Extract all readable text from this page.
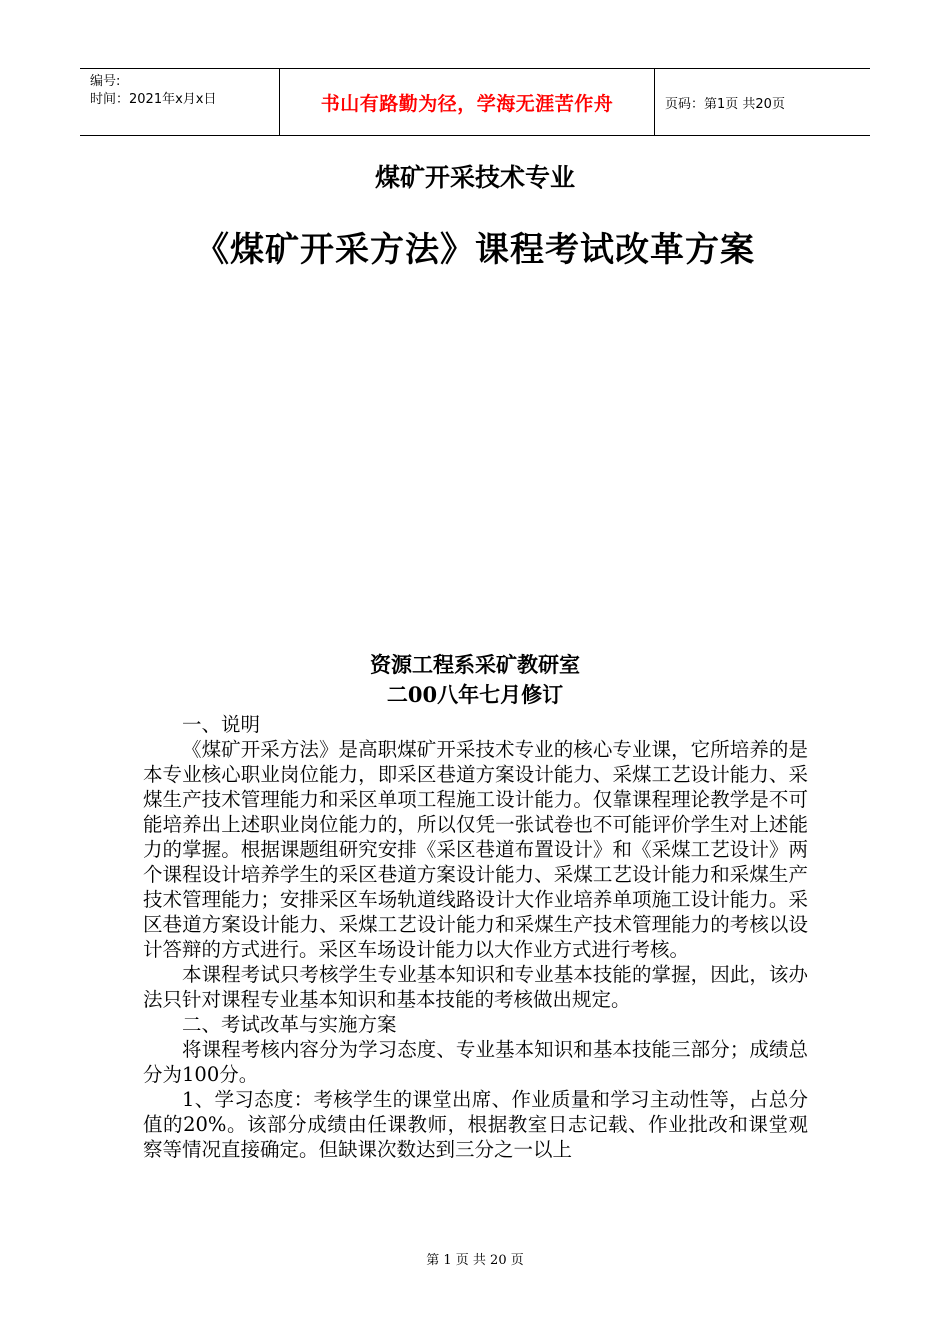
编号:
时间：2021年x月x日	书山有路勤为径，学海无涯苦作舟	页码：第1页 共20页
煤矿开采技术专业
《煤矿开采方法》课程考试改革方案
资源工程系采矿教研室
二00八年七月修订

一、说明

《煤矿开采方法》是高职煤矿开采技术专业的核心专业课，它所培养的是本专业核心职业岗位能力，即采区巷道方案设计能力、采煤工艺设计能力、采煤生产技术管理能力和采区单项工程施工设计能力。仅靠课程理论教学是不可能培养出上述职业岗位能力的，所以仅凭一张试卷也不可能评价学生对上述能力的掌握。根据课题组研究安排《采区巷道布置设计》和《采煤工艺设计》两个课程设计培养学生的采区巷道方案设计能力、采煤工艺设计能力和采煤生产技术管理能力；安排采区车场轨道线路设计大作业培养单项施工设计能力。采区巷道方案设计能力、采煤工艺设计能力和采煤生产技术管理能力的考核以设计答辩的方式进行。采区车场设计能力以大作业方式进行考核。

本课程考试只考核学生专业基本知识和专业基本技能的掌握，因此，该办法只针对课程专业基本知识和基本技能的考核做出规定。

二、考试改革与实施方案

将课程考核内容分为学习态度、专业基本知识和基本技能三部分；成绩总分为100分。

1、学习态度：考核学生的课堂出席、作业质量和学习主动性等，占总分值的20%。该部分成绩由任课教师，根据教室日志记载、作业批改和课堂观察等情况直接确定。但缺课次数达到三分之一以上

第 1 页 共 20 页
